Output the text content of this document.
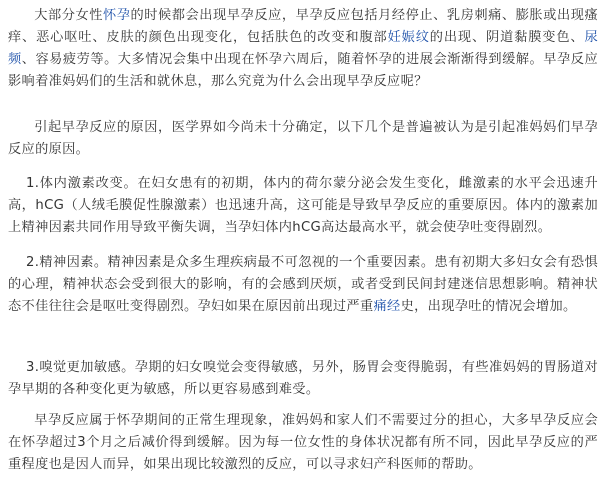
大部分女性怀孕的时候都会出现早孕反应，早孕反应包括月经停止、乳房刺痛、膨胀或出现瘙痒、恶心呕吐、皮肤的颜色出现变化，包括肤色的改变和腹部妊娠纹的出现、阴道黏膜变色、尿频、容易疲劳等。大多情况会集中出现在怀孕六周后，随着怀孕的进展会渐渐得到缓解。早孕反应影响着准妈妈们的生活和就休息，那么究竟为什么会出现早孕反应呢？

引起早孕反应的原因，医学界如今尚未十分确定，以下几个是普遍被认为是引起准妈妈们早孕反应的原因。

1.体内激素改变。在妇女患有的初期，体内的荷尔蒙分泌会发生变化，雌激素的水平会迅速升高，hCG（人绒毛膜促性腺激素）也迅速升高，这可能是导致早孕反应的重要原因。体内的激素加上精神因素共同作用导致平衡失调，当孕妇体内hCG高达最高水平，就会使孕吐变得剧烈。

2.精神因素。精神因素是众多生理疾病最不可忽视的一个重要因素。患有初期大多妇女会有恐惧的心理，精神状态会受到很大的影响，有的会感到厌烦，或者受到民间封建迷信思想影响。精神状态不佳往往会是呕吐变得剧烈。孕妇如果在原因前出现过严重痛经史，出现孕吐的情况会增加。

3.嗅觉更加敏感。孕期的妇女嗅觉会变得敏感，另外，肠胃会变得脆弱，有些准妈妈的胃肠道对孕早期的各种变化更为敏感，所以更容易感到难受。

早孕反应属于怀孕期间的正常生理现象，准妈妈和家人们不需要过分的担心，大多早孕反应会在怀孕超过3个月之后减价得到缓解。因为每一位女性的身体状况都有所不同，因此早孕反应的严重程度也是因人而异，如果出现比较激烈的反应，可以寻求妇产科医师的帮助。
